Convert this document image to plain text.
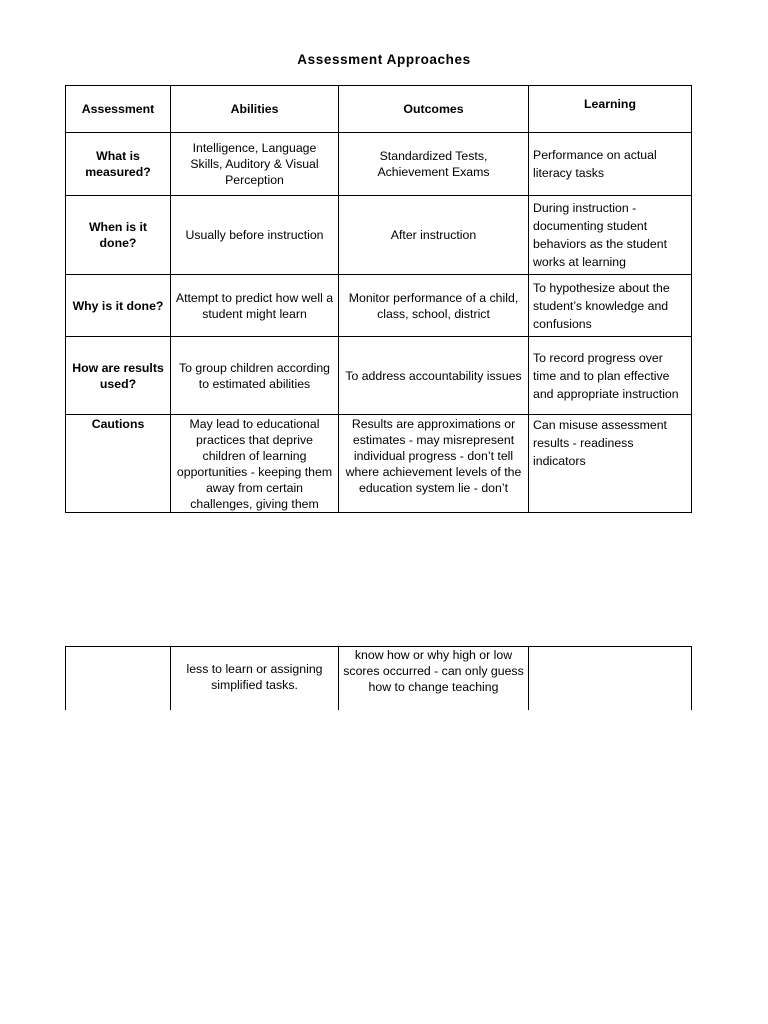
Assessment Approaches
Assessment	Abilities	Outcomes	Learning
What is measured?	Intelligence, Language Skills, Auditory & Visual Perception	Standardized Tests, Achievement Exams	Performance on actual literacy tasks
When is it done?	Usually before instruction	After instruction	During instruction - documenting student behaviors as the student works at learning
Why is it done?	Attempt to predict how well a student might learn	Monitor performance of a child, class, school, district	To hypothesize about the student’s knowledge and confusions
How are results used?	To group children according to estimated abilities	To address accountability issues	To record progress over time and to plan effective and appropriate instruction
Cautions	May lead to educational practices that deprive children of learning opportunities - keeping them away from certain challenges, giving them	Results are approximations or estimates - may misrepresent individual progress - don’t tell where achievement levels of the education system lie - don’t	Can misuse assessment results - readiness indicators
	less to learn or assigning simplified tasks.	know how or why high or low scores occurred - can only guess how to change teaching	
